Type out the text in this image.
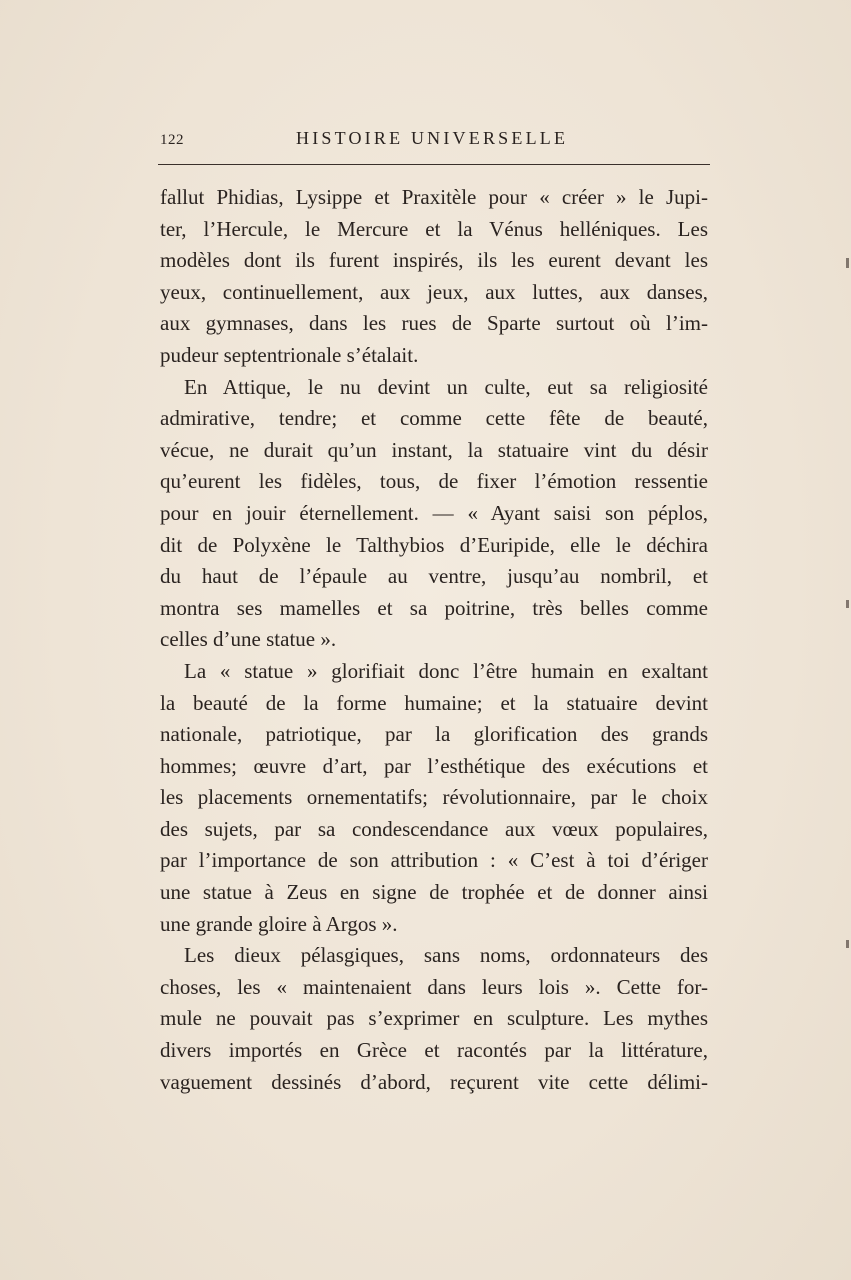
122	HISTOIRE UNIVERSELLE
fallut Phidias, Lysippe et Praxitèle pour « créer » le Jupi-
ter, l’Hercule, le Mercure et la Vénus helléniques. Les
modèles dont ils furent inspirés, ils les eurent devant les
yeux, continuellement, aux jeux, aux luttes, aux danses,
aux gymnases, dans les rues de Sparte surtout où l’im-
pudeur septentrionale s’étalait.
En Attique, le nu devint un culte, eut sa religiosité
admirative, tendre; et comme cette fête de beauté,
vécue, ne durait qu’un instant, la statuaire vint du désir
qu’eurent les fidèles, tous, de fixer l’émotion ressentie
pour en jouir éternellement. — « Ayant saisi son péplos,
dit de Polyxène le Talthybios d’Euripide, elle le déchira
du haut de l’épaule au ventre, jusqu’au nombril, et
montra ses mamelles et sa poitrine, très belles comme
celles d’une statue ».
La « statue » glorifiait donc l’être humain en exaltant
la beauté de la forme humaine; et la statuaire devint
nationale, patriotique, par la glorification des grands
hommes; œuvre d’art, par l’esthétique des exécutions et
les placements ornementatifs; révolutionnaire, par le choix
des sujets, par sa condescendance aux vœux populaires,
par l’importance de son attribution : « C’est à toi d’ériger
une statue à Zeus en signe de trophée et de donner ainsi
une grande gloire à Argos ».
Les dieux pélasgiques, sans noms, ordonnateurs des
choses, les « maintenaient dans leurs lois ». Cette for-
mule ne pouvait pas s’exprimer en sculpture. Les mythes
divers importés en Grèce et racontés par la littérature,
vaguement dessinés d’abord, reçurent vite cette délimi-
